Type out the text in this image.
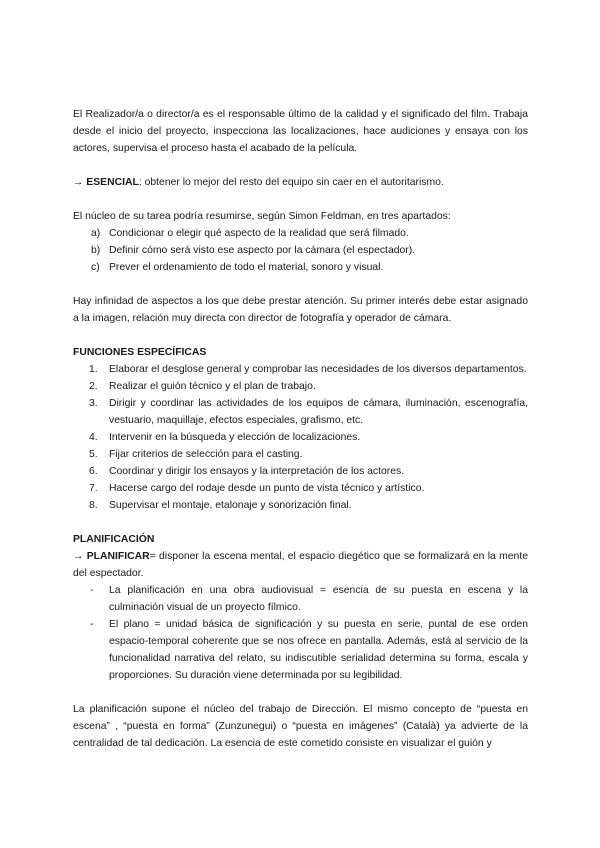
El Realizador/a o director/a es el responsable último de la calidad y el significado del film. Trabaja desde el inicio del proyecto, inspecciona las localizaciones, hace audiciones y ensaya con los actores, supervisa el proceso hasta el acabado de la película.

→ ESENCIAL: obtener lo mejor del resto del equipo sin caer en el autoritarismo.

El núcleo de su tarea podría resumirse, según Simon Feldman, en tres apartados:

a) Condicionar o elegir qué aspecto de la realidad que será filmado.
b) Definir cómo será visto ese aspecto por la cámara (el espectador).
c) Prever el ordenamiento de todo el material, sonoro y visual.

Hay infinidad de aspectos a los que debe prestar atención. Su primer interés debe estar asignado a la imagen, relación muy directa con director de fotografía y operador de cámara.

FUNCIONES ESPECÍFICAS

1. Elaborar el desglose general y comprobar las necesidades de los diversos departamentos.
2. Realizar el guión técnico y el plan de trabajo.
3. Dirigir y coordinar las actividades de los equipos de cámara, iluminación, escenografía, vestuario, maquillaje, efectos especiales, grafismo, etc.
4. Intervenir en la búsqueda y elección de localizaciones.
5. Fijar criterios de selección para el casting.
6. Coordinar y dirigir los ensayos y la interpretación de los actores.
7. Hacerse cargo del rodaje desde un punto de vista técnico y artístico.
8. Supervisar el montaje, etalonaje y sonorización final.

PLANIFICACIÓN

→ PLANIFICAR= disponer la escena mental, el espacio diegético que se formalizará en la mente del espectador.

- La planificación en una obra audiovisual = esencia de su puesta en escena y la culminación visual de un proyecto fílmico.
- El plano = unidad básica de significación y su puesta en serie, puntal de ese orden espacio-temporal coherente que se nos ofrece en pantalla. Además, está al servicio de la funcionalidad narrativa del relato, su indiscutible serialidad determina su forma, escala y proporciones. Su duración viene determinada por su legibilidad.

La planificación supone el núcleo del trabajo de Dirección. El mismo concepto de “puesta en escena” , “puesta en forma” (Zunzunegui) o “puesta en imágenes” (Català) ya advierte de la centralidad de tal dedicación. La esencia de este cometido consiste en visualizar el guión y
